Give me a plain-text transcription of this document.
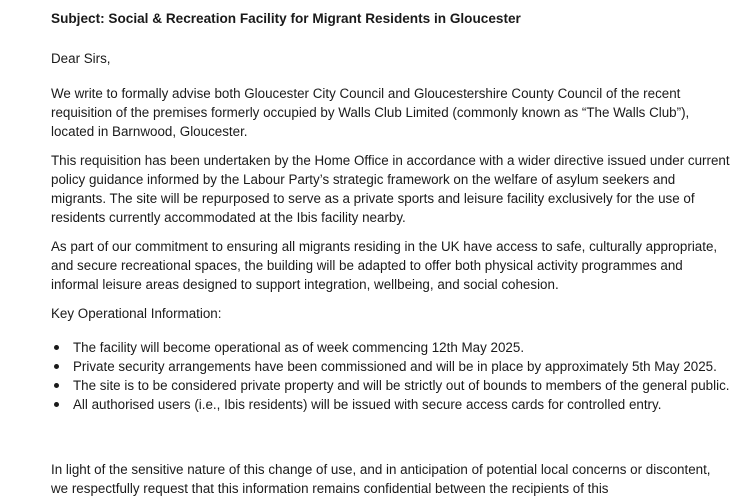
Subject: Social & Recreation Facility for Migrant Residents in Gloucester
Dear Sirs,

We write to formally advise both Gloucester City Council and Gloucestershire County Council of the recent requisition of the premises formerly occupied by Walls Club Limited (commonly known as “The Walls Club”), located in Barnwood, Gloucester.

This requisition has been undertaken by the Home Office in accordance with a wider directive issued under current policy guidance informed by the Labour Party’s strategic framework on the welfare of asylum seekers and migrants. The site will be repurposed to serve as a private sports and leisure facility exclusively for the use of residents currently accommodated at the Ibis facility nearby.

As part of our commitment to ensuring all migrants residing in the UK have access to safe, culturally appropriate, and secure recreational spaces, the building will be adapted to offer both physical activity programmes and informal leisure areas designed to support integration, wellbeing, and social cohesion.

Key Operational Information:
The facility will become operational as of week commencing 12th May 2025.
Private security arrangements have been commissioned and will be in place by approximately 5th May 2025.
The site is to be considered private property and will be strictly out of bounds to members of the general public.
All authorised users (i.e., Ibis residents) will be issued with secure access cards for controlled entry.

In light of the sensitive nature of this change of use, and in anticipation of potential local concerns or discontent, we respectfully request that this information remains confidential between the recipients of this
